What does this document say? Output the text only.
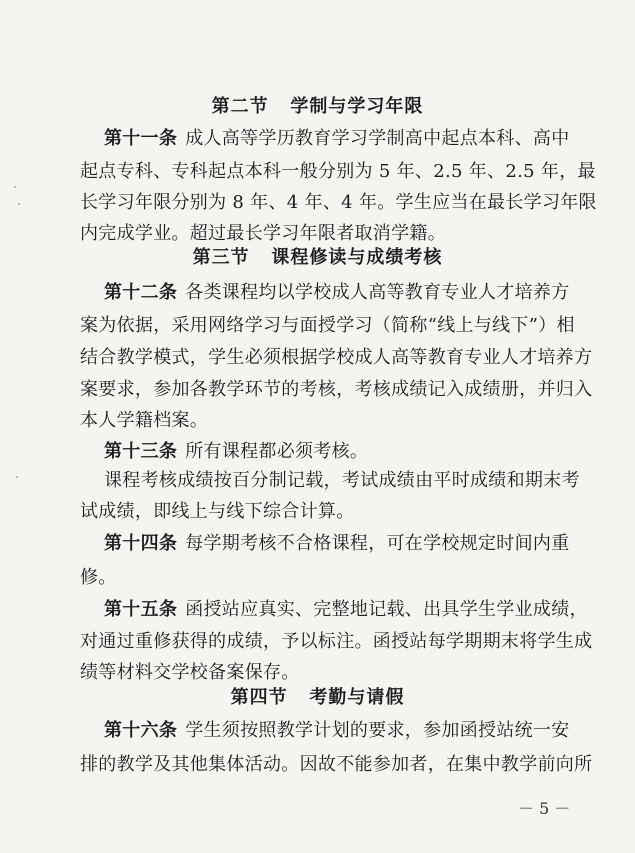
第二节   学制与学习年限
第十一条 成人高等学历教育学习学制高中起点本科、高中
起点专科、专科起点本科一般分别为 5 年、2.5 年、2.5 年，最
长学习年限分别为 8 年、4 年、4 年。学生应当在最长学习年限
内完成学业。超过最长学习年限者取消学籍。
第三节   课程修读与成绩考核
第十二条 各类课程均以学校成人高等教育专业人才培养方
案为依据，采用网络学习与面授学习（简称“线上与线下”）相
结合教学模式，学生必须根据学校成人高等教育专业人才培养方
案要求，参加各教学环节的考核，考核成绩记入成绩册，并归入
本人学籍档案。
第十三条 所有课程都必须考核。
课程考核成绩按百分制记载，考试成绩由平时成绩和期末考
试成绩，即线上与线下综合计算。
第十四条 每学期考核不合格课程，可在学校规定时间内重
修。
第十五条 函授站应真实、完整地记载、出具学生学业成绩，
对通过重修获得的成绩，予以标注。函授站每学期期末将学生成
绩等材料交学校备案保存。
第四节   考勤与请假
第十六条 学生须按照教学计划的要求，参加函授站统一安
排的教学及其他集体活动。因故不能参加者，在集中教学前向所
－ 5 －
